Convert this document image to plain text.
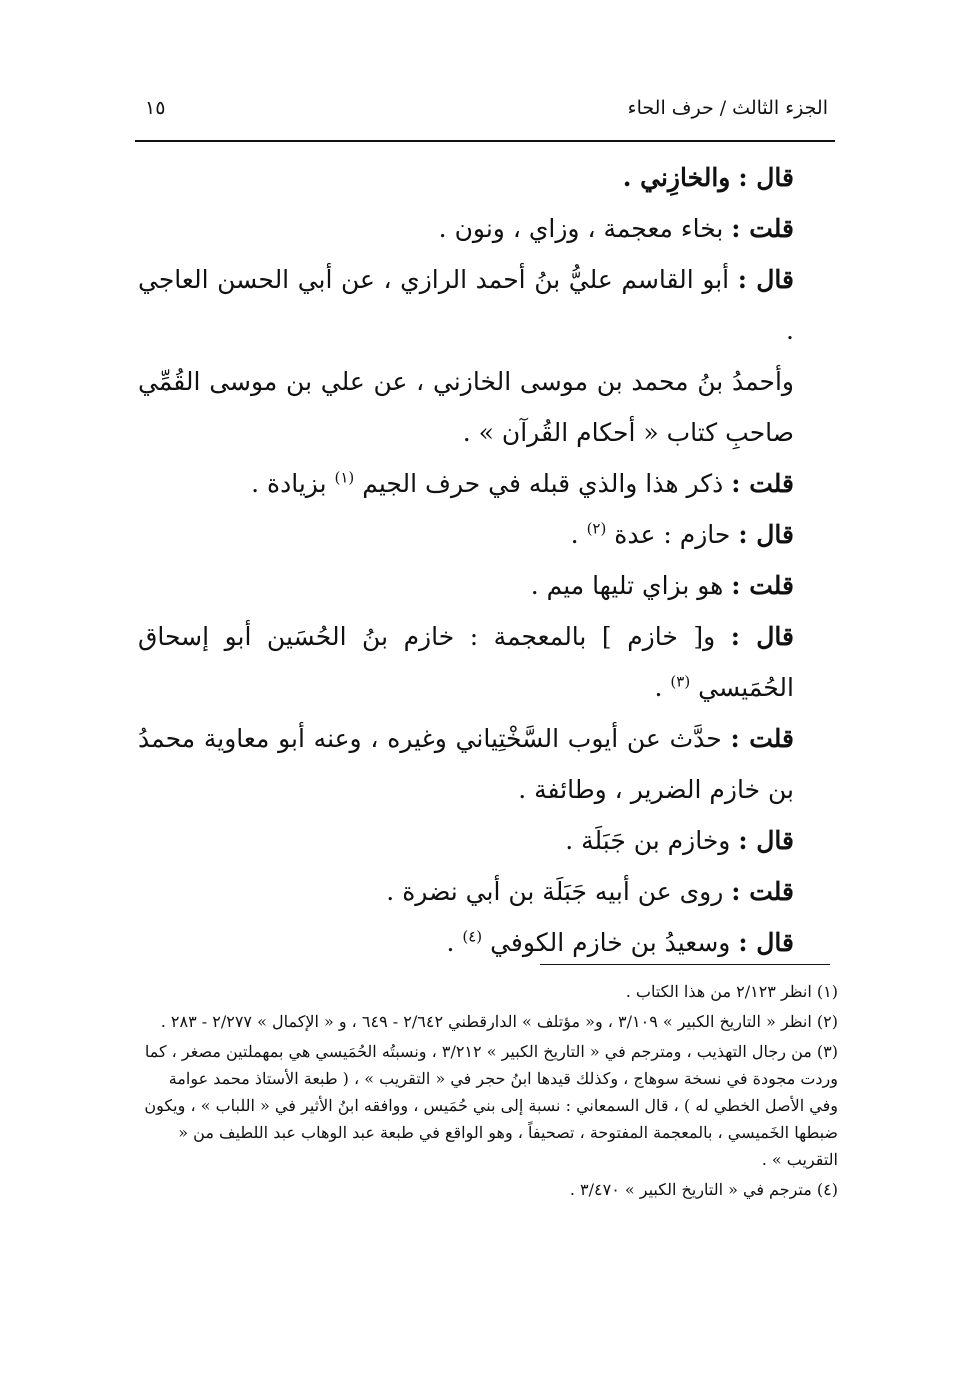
الجزء الثالث / حرف الحاء
١٥

قال : والخازِني .

قلت : بخاء معجمة ، وزاي ، ونون .

قال : أبو القاسم عليُّ بنُ أحمد الرازي ، عن أبي الحسن العاجي .

وأحمدُ بنُ محمد بن موسى الخازني ، عن علي بن موسى القُمِّي صاحبِ كتاب « أحكام القُرآن » .

قلت : ذكر هذا والذي قبله في حرف الجيم $^{(١)}$ بزيادة .

قال : حازم : عدة $^{(٢)}$ .

قلت : هو بزاي تليها ميم .

قال : و[ خازم ] بالمعجمة : خازم بنُ الحُسَين أبو إسحاق الحُمَيسي $^{(٣)}$ .

قلت : حدَّث عن أيوب السَّخْتِياني وغيره ، وعنه أبو معاوية محمدُ بن خازم الضرير ، وطائفة .

قال : وخازم بن جَبَلَة .

قلت : روى عن أبيه جَبَلَة بن أبي نضرة .

قال : وسعيدُ بن خازم الكوفي $^{(٤)}$ .

(١) انظر ٢/١٢٣ من هذا الكتاب .

(٢) انظر « التاريخ الكبير » ٣/١٠٩ ، و« مؤتلف » الدارقطني ٢/٦٤٢ - ٦٤٩ ، و « الإكمال » ٢/٢٧٧ - ٢٨٣ .

(٣) من رجال التهذيب ، ومترجم في « التاريخ الكبير » ٣/٢١٢ ، ونسبتُه الحُمَيسي هي بمهملتين مصغر ، كما وردت مجودة في نسخة سوهاج ، وكذلك قيدها ابنُ حجر في « التقريب » ، ( طبعة الأستاذ محمد عوامة وفي الأصل الخطي له ) ، قال السمعاني : نسبة إلى بني حُمَيس ، ووافقه ابنُ الأثير في « اللباب » ، ويكون ضبطها الخَميسي ، بالمعجمة المفتوحة ، تصحيفاً ، وهو الواقع في طبعة عبد الوهاب عبد اللطيف من « التقريب » .

(٤) مترجم في « التاريخ الكبير » ٣/٤٧٠ .
